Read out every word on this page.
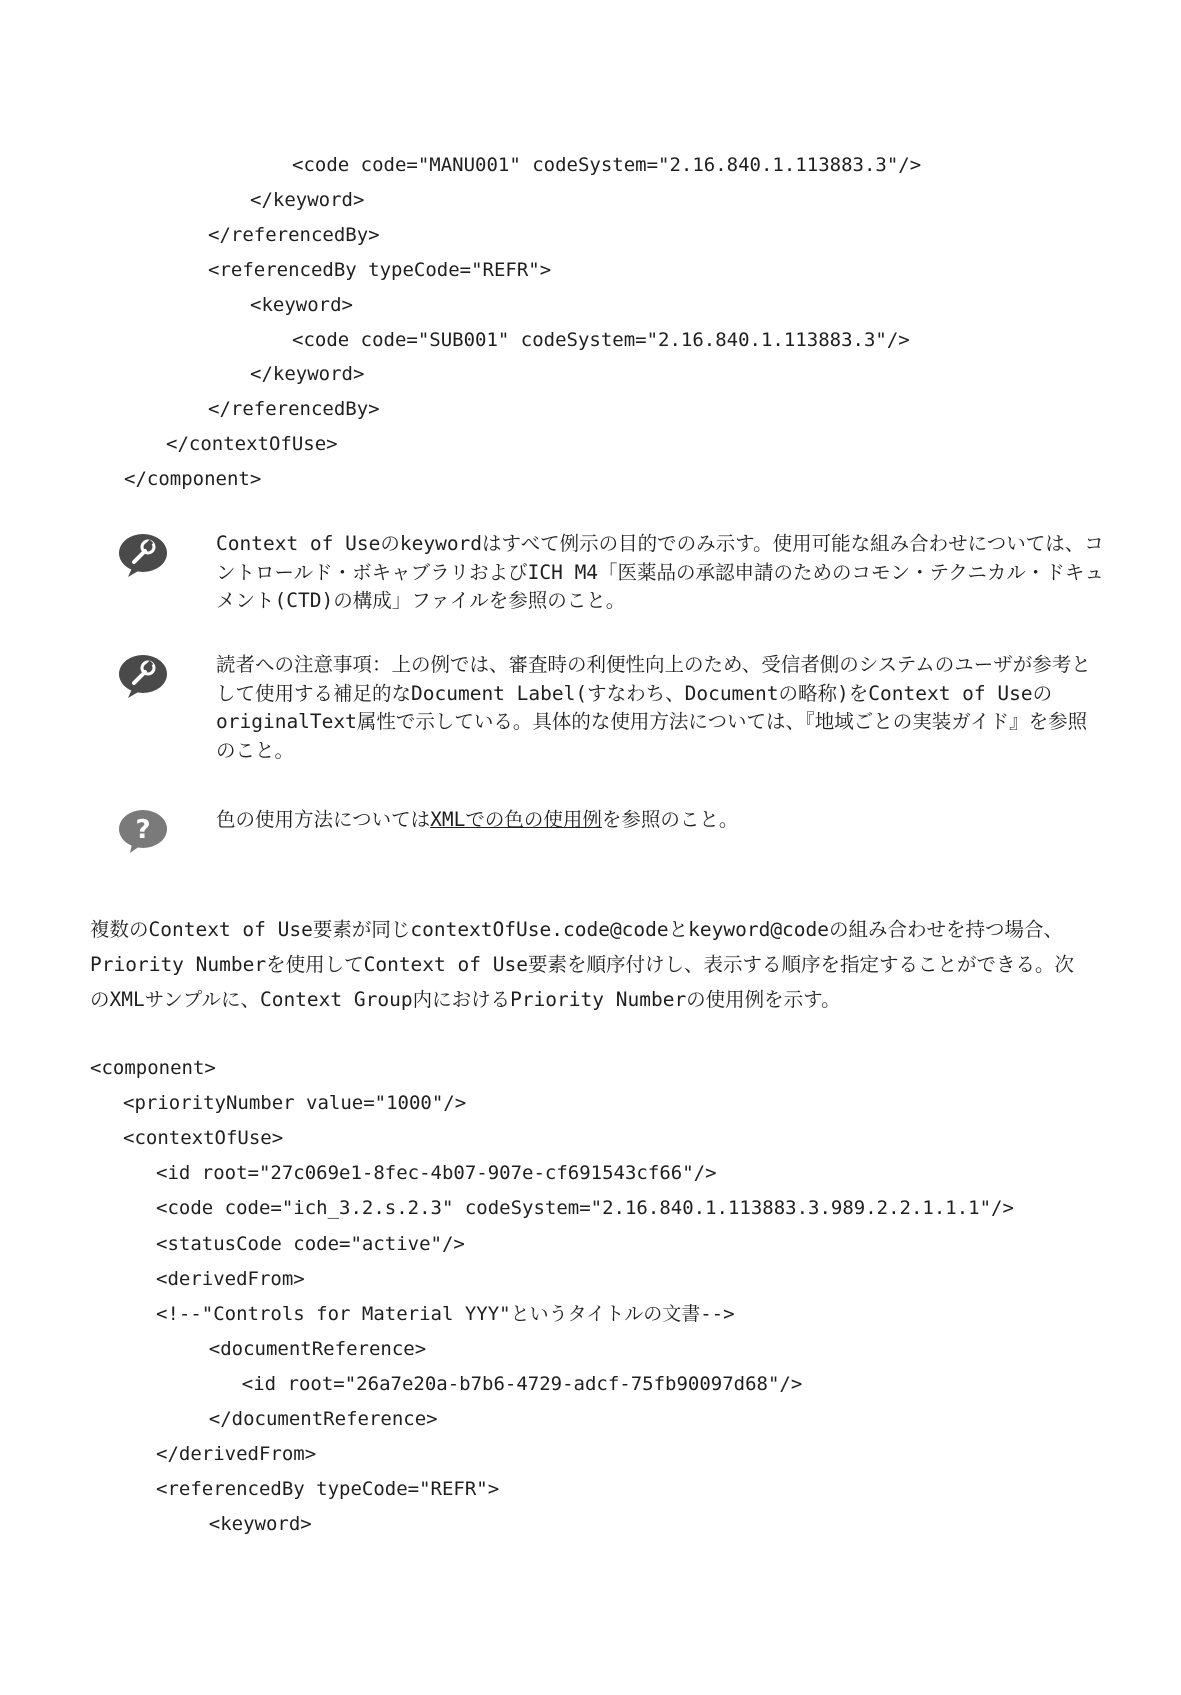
<code code="MANU001" codeSystem="2.16.840.1.113883.3"/>
</keyword>
</referencedBy>
<referencedBy typeCode="REFR">
<keyword>
<code code="SUB001" codeSystem="2.16.840.1.113883.3"/>
</keyword>
</referencedBy>
</contextOfUse>
</component>
Context of Useのkeywordはすべて例示の目的でのみ示す。使用可能な組み合わせについては、コントロールド・ボキャブラリおよびICH M4「医薬品の承認申請のためのコモン・テクニカル・ドキュメント(CTD)の構成」ファイルを参照のこと。
読者への注意事項：上の例では、審査時の利便性向上のため、受信者側のシステムのユーザが参考として使用する補足的なDocument Label(すなわち、Documentの略称)をContext of UseのoriginalText属性で示している。具体的な使用方法については、『地域ごとの実装ガイド』を参照のこと。
?	色の使用方法についてはXMLでの色の使用例を参照のこと。
複数のContext of Use要素が同じcontextOfUse.code@codeとkeyword@codeの組み合わせを持つ場合、Priority Numberを使用してContext of Use要素を順序付けし、表示する順序を指定することができる。次のXMLサンプルに、Context Group内におけるPriority Numberの使用例を示す。
<component>
<priorityNumber value="1000"/>
<contextOfUse>
<id root="27c069e1-8fec-4b07-907e-cf691543cf66"/>
<code code="ich_3.2.s.2.3" codeSystem="2.16.840.1.113883.3.989.2.2.1.1.1"/>
<statusCode code="active"/>
<derivedFrom>
<!--"Controls for Material YYY"というタイトルの文書-->
<documentReference>
<id root="26a7e20a-b7b6-4729-adcf-75fb90097d68"/>
</documentReference>
</derivedFrom>
<referencedBy typeCode="REFR">
<keyword>
